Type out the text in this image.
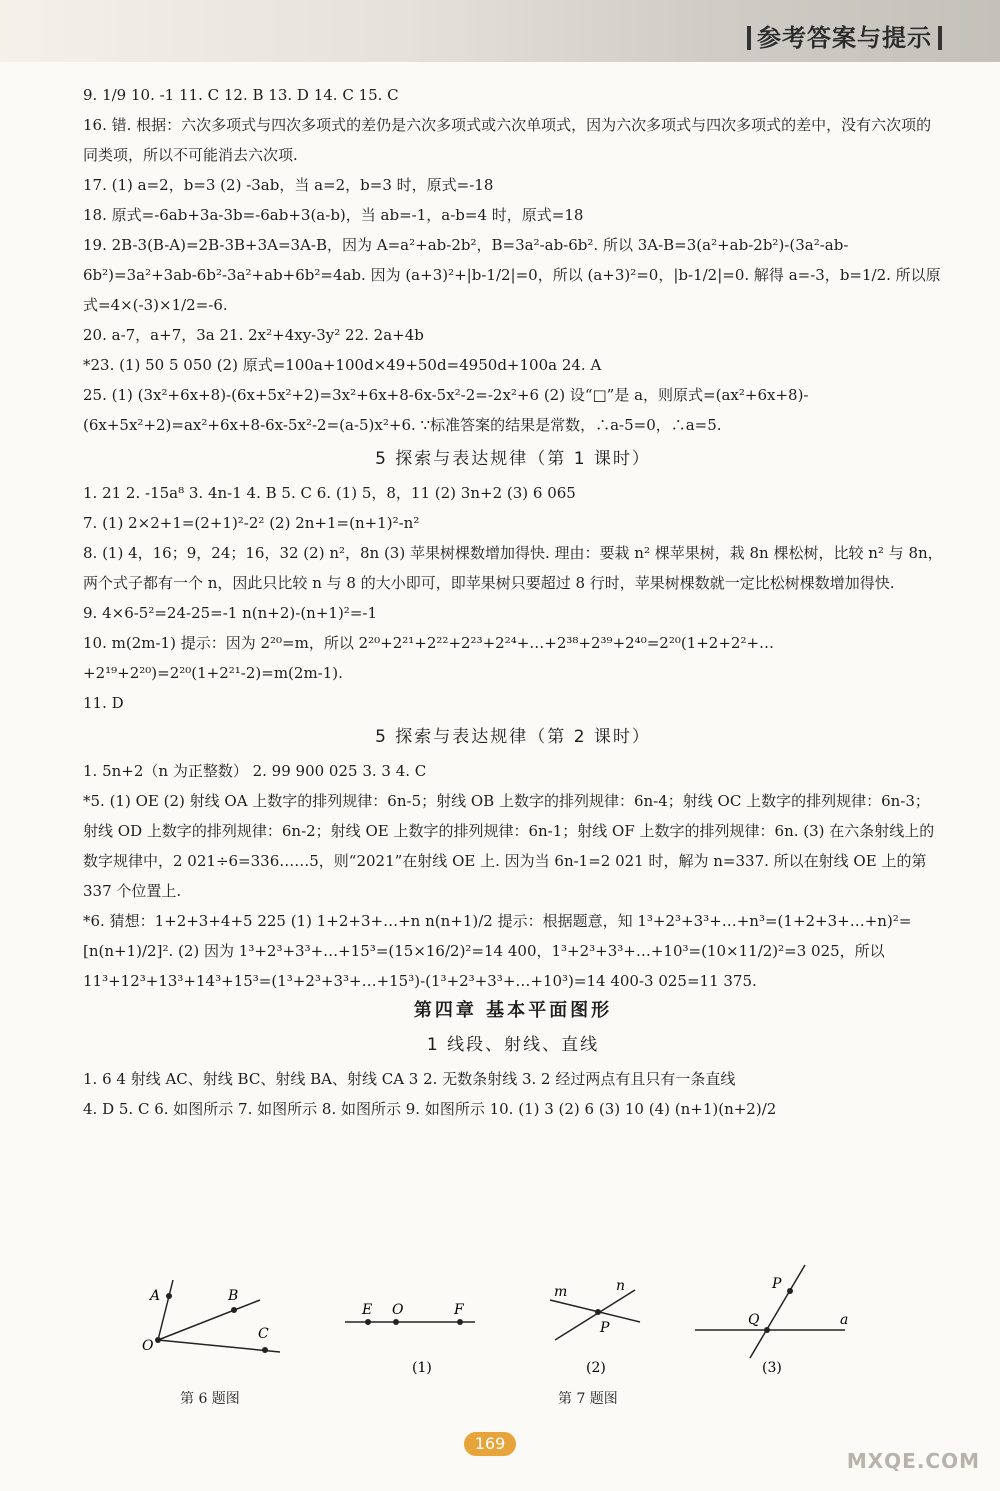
参考答案与提示
9. 1/9 10. -1 11. C 12. B 13. D 14. C 15. C
16. 错. 根据：六次多项式与四次多项式的差仍是六次多项式或六次单项式，因为六次多项式与四次多项式的差中，没有六次项的同类项，所以不可能消去六次项.
17. (1) a=2，b=3 (2) -3ab，当 a=2，b=3 时，原式=-18
18. 原式=-6ab+3a-3b=-6ab+3(a-b)，当 ab=-1，a-b=4 时，原式=18
19. 2B-3(B-A)=2B-3B+3A=3A-B，因为 A=a²+ab-2b²，B=3a²-ab-6b². 所以 3A-B=3(a²+ab-2b²)-(3a²-ab-6b²)=3a²+3ab-6b²-3a²+ab+6b²=4ab. 因为 (a+3)²+|b-1/2|=0，所以 (a+3)²=0，|b-1/2|=0. 解得 a=-3，b=1/2. 所以原式=4×(-3)×1/2=-6.
20. a-7，a+7，3a 21. 2x²+4xy-3y² 22. 2a+4b
*23. (1) 50 5 050 (2) 原式=100a+100d×49+50d=4950d+100a 24. A
25. (1) (3x²+6x+8)-(6x+5x²+2)=3x²+6x+8-6x-5x²-2=-2x²+6 (2) 设“□”是 a，则原式=(ax²+6x+8)-(6x+5x²+2)=ax²+6x+8-6x-5x²-2=(a-5)x²+6. ∵标准答案的结果是常数，∴a-5=0，∴a=5.
5 探索与表达规律（第 1 课时）
1. 21 2. -15a⁸ 3. 4n-1 4. B 5. C 6. (1) 5，8，11 (2) 3n+2 (3) 6 065
7. (1) 2×2+1=(2+1)²-2² (2) 2n+1=(n+1)²-n²
8. (1) 4，16；9，24；16，32 (2) n²，8n (3) 苹果树棵数增加得快. 理由：要栽 n² 棵苹果树，栽 8n 棵松树，比较 n² 与 8n，两个式子都有一个 n，因此只比较 n 与 8 的大小即可，即苹果树只要超过 8 行时，苹果树棵数就一定比松树棵数增加得快.
9. 4×6-5²=24-25=-1 n(n+2)-(n+1)²=-1
10. m(2m-1) 提示：因为 2²⁰=m，所以 2²⁰+2²¹+2²²+2²³+2²⁴+…+2³⁸+2³⁹+2⁴⁰=2²⁰(1+2+2²+…+2¹⁹+2²⁰)=2²⁰(1+2²¹-2)=m(2m-1).
11. D
5 探索与表达规律（第 2 课时）
1. 5n+2（n 为正整数） 2. 99 900 025 3. 3 4. C
*5. (1) OE (2) 射线 OA 上数字的排列规律：6n-5；射线 OB 上数字的排列规律：6n-4；射线 OC 上数字的排列规律：6n-3；射线 OD 上数字的排列规律：6n-2；射线 OE 上数字的排列规律：6n-1；射线 OF 上数字的排列规律：6n. (3) 在六条射线上的数字规律中，2 021÷6=336……5，则“2021”在射线 OE 上. 因为当 6n-1=2 021 时，解为 n=337. 所以在射线 OE 上的第 337 个位置上.
*6. 猜想：1+2+3+4+5 225 (1) 1+2+3+…+n n(n+1)/2 提示：根据题意，知 1³+2³+3³+…+n³=(1+2+3+…+n)²=[n(n+1)/2]². (2) 因为 1³+2³+3³+…+15³=(15×16/2)²=14 400，1³+2³+3³+…+10³=(10×11/2)²=3 025，所以 11³+12³+13³+14³+15³=(1³+2³+3³+…+15³)-(1³+2³+3³+…+10³)=14 400-3 025=11 375.
第四章 基本平面图形
1 线段、射线、直线
1. 6 4 射线 AC、射线 BC、射线 BA、射线 CA 3 2. 无数条射线 3. 2 经过两点有且只有一条直线
4. D 5. C 6. 如图所示 7. 如图所示 8. 如图所示 9. 如图所示 10. (1) 3 (2) 6 (3) 10 (4) (n+1)(n+2)/2
A	B
C
O
E O	F
(1)
m	n
P
(2)
P
Q	a
(3)
第 6 题图	第 7 题图
169
MXQE.COM
